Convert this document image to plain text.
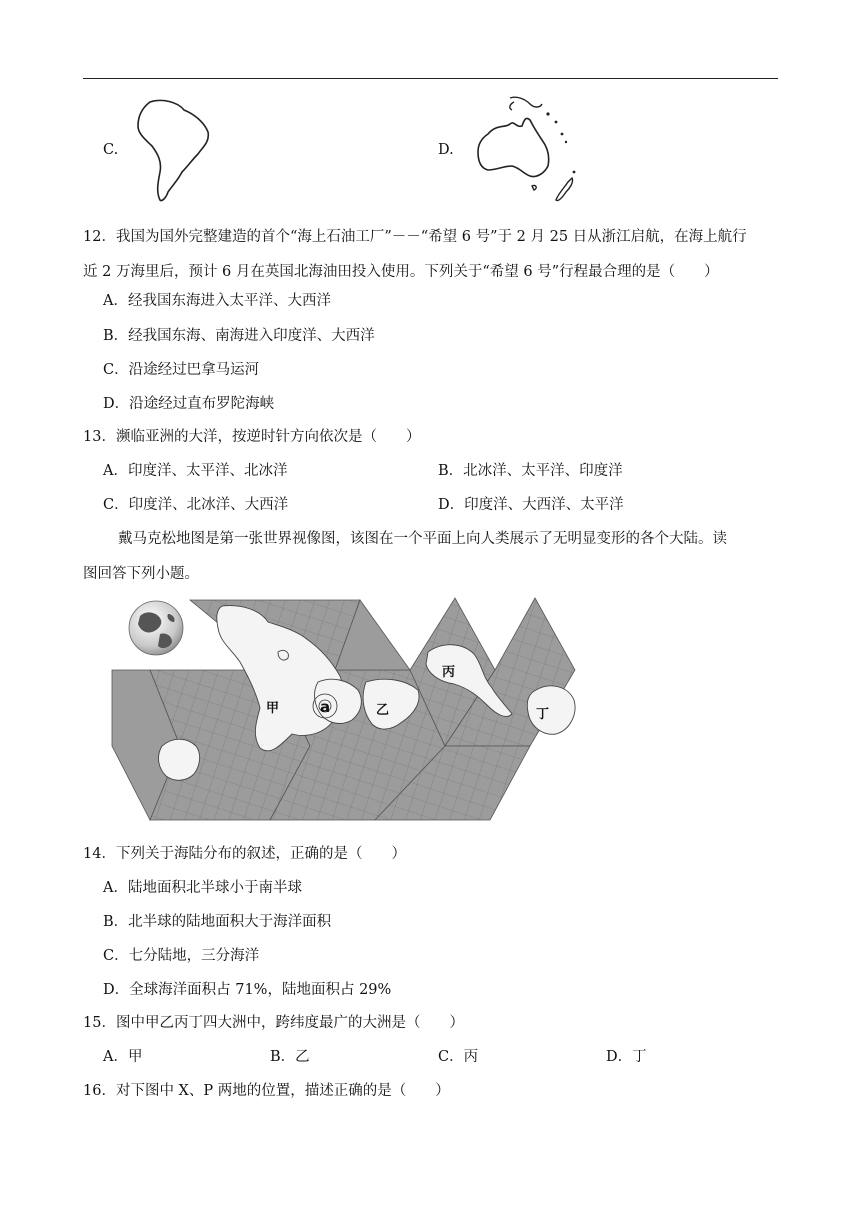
C.	D.
12．我国为国外完整建造的首个“海上石油工厂”－－“希望 6 号”于 2 月 25 日从浙江启航，在海上航行
近 2 万海里后，预计 6 月在英国北海油田投入使用。下列关于“希望 6 号”行程最合理的是（　　）
A．经我国东海进入太平洋、大西洋
B．经我国东海、南海进入印度洋、大西洋
C．沿途经过巴拿马运河
D．沿途经过直布罗陀海峡
13．濒临亚洲的大洋，按逆时针方向依次是（　　）
A．印度洋、太平洋、北冰洋	B．北冰洋、太平洋、印度洋
C．印度洋、北冰洋、大西洋	D．印度洋、大西洋、太平洋
戴马克松地图是第一张世界视像图，该图在一个平面上向人类展示了无明显变形的各个大陆。读
图回答下列小题。
甲	a	乙
丙
丁
14．下列关于海陆分布的叙述，正确的是（　　）
A．陆地面积北半球小于南半球
B．北半球的陆地面积大于海洋面积
C．七分陆地，三分海洋
D．全球海洋面积占 71%，陆地面积占 29%
15．图中甲乙丙丁四大洲中，跨纬度最广的大洲是（　　）
A．甲	B．乙	C．丙	D．丁
16．对下图中 X、P 两地的位置，描述正确的是（　　）
